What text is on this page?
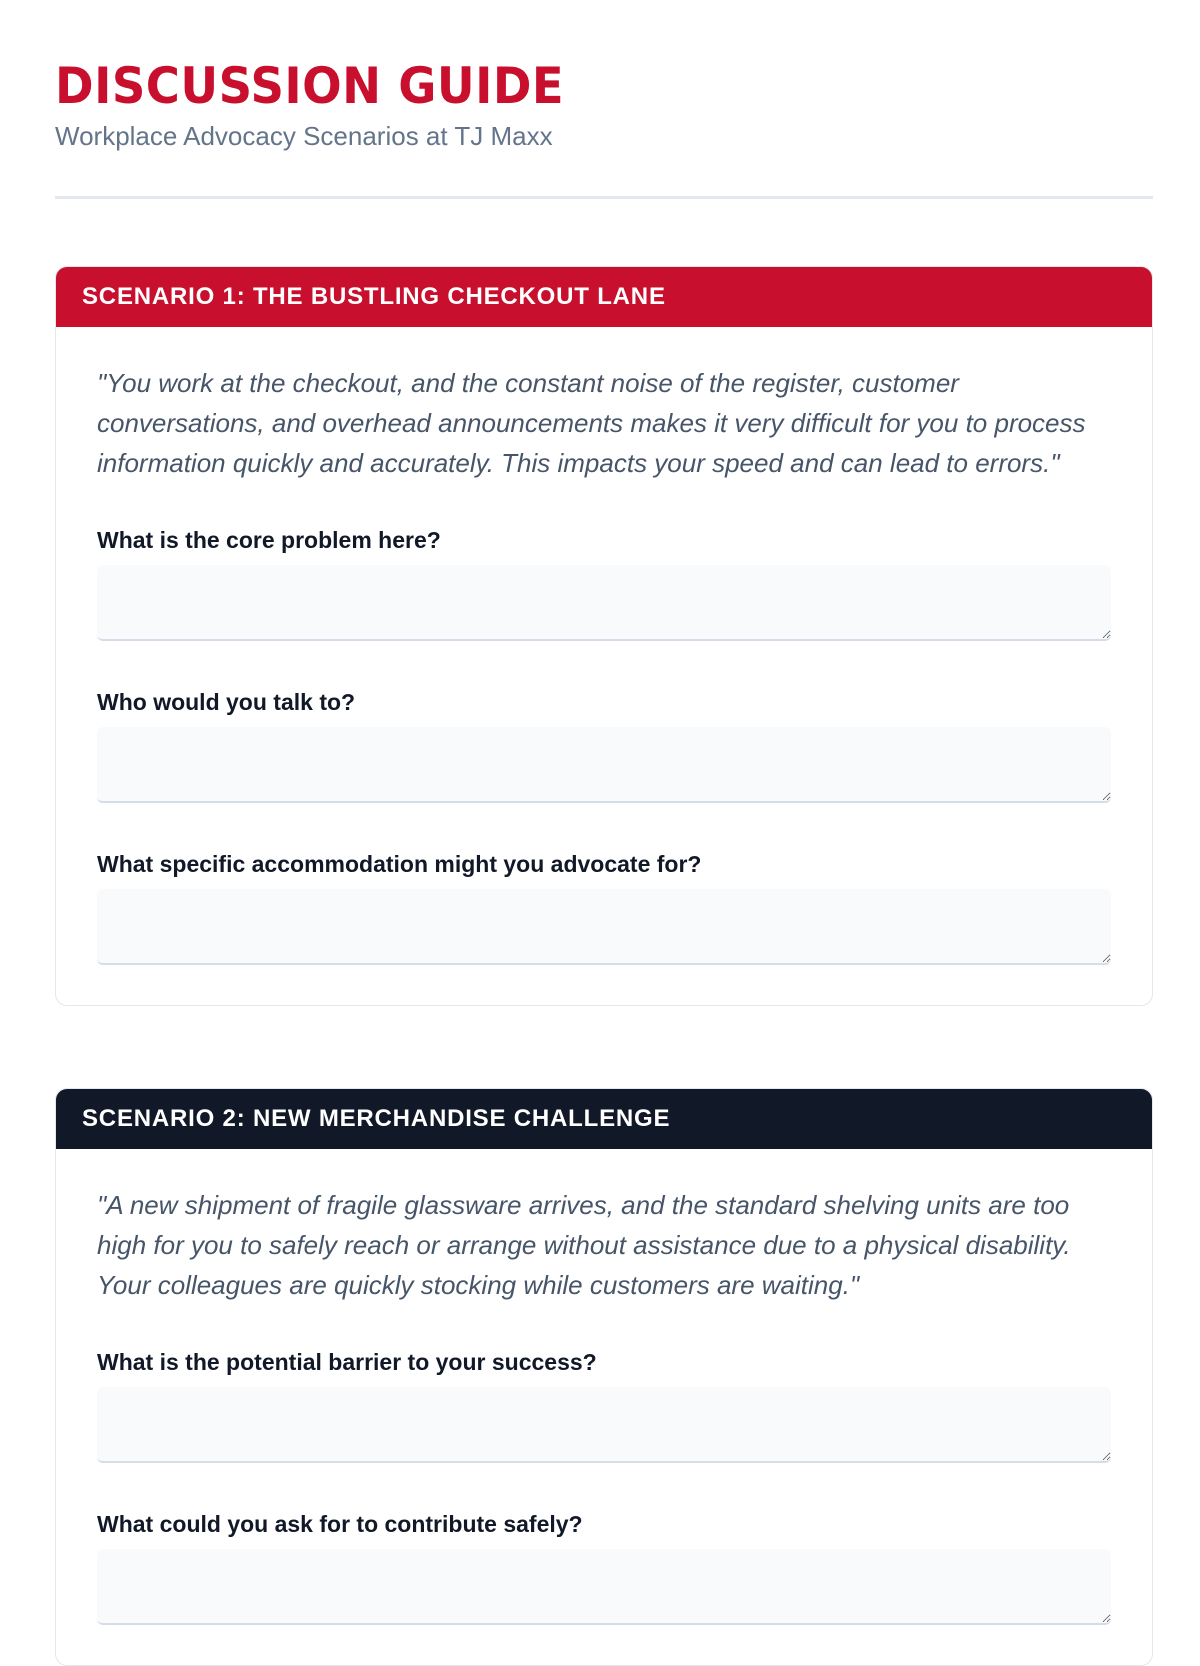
DISCUSSION GUIDE
Workplace Advocacy Scenarios at TJ Maxx
SCENARIO 1: THE BUSTLING CHECKOUT LANE

"You work at the checkout, and the constant noise of the register, customer conversations, and overhead announcements makes it very difficult for you to process information quickly and accurately. This impacts your speed and can lead to errors."

What is the core problem here?
Who would you talk to?
What specific accommodation might you advocate for?
SCENARIO 2: NEW MERCHANDISE CHALLENGE

"A new shipment of fragile glassware arrives, and the standard shelving units are too high for you to safely reach or arrange without assistance due to a physical disability. Your colleagues are quickly stocking while customers are waiting."

What is the potential barrier to your success?
What could you ask for to contribute safely?
